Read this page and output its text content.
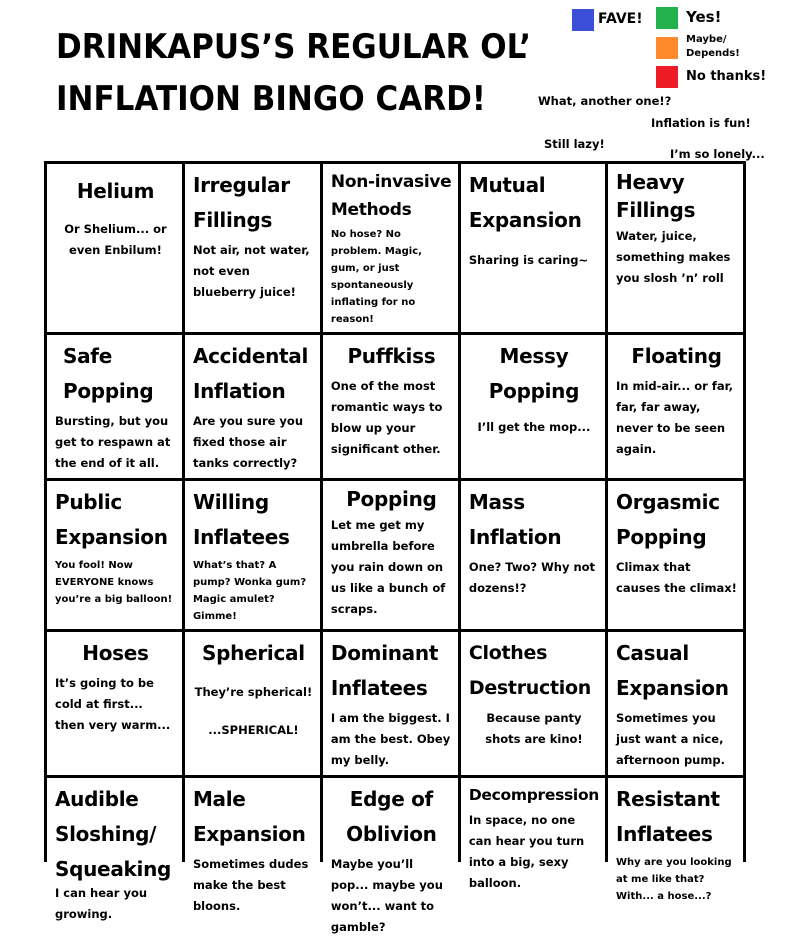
DRINKAPUS’S REGULAR OL’
INFLATION BINGO CARD!
FAVE!	Yes!
Maybe/ Depends!
No thanks!
What, another one!?
Inflation is fun!
Still lazy!
I’m so lonely...
Helium
Or Shelium... or even Enbilum!
Irregular Fillings
Not air, not water, not even blueberry juice!
Non-invasive Methods
No hose? No problem. Magic, gum, or just spontaneously inflating for no reason!
Mutual Expansion
Sharing is caring~
Heavy Fillings
Water, juice, something makes you slosh ’n’ roll
Safe Popping
Bursting, but you get to respawn at the end of it all.
Accidental Inflation
Are you sure you fixed those air tanks correctly?
Puffkiss
One of the most romantic ways to blow up your significant other.
Messy Popping
I’ll get the mop...
Floating
In mid-air... or far, far, far away, never to be seen again.
Public Expansion
You fool! Now EVERYONE knows you’re a big balloon!
Willing Inflatees
What’s that? A pump? Wonka gum? Magic amulet? Gimme!
Popping
Let me get my umbrella before you rain down on us like a bunch of scraps.
Mass Inflation
One? Two? Why not dozens!?
Orgasmic Popping
Climax that causes the climax!
Hoses
It’s going to be cold at first... then very warm...
Spherical
They’re spherical! ...SPHERICAL!
Dominant Inflatees
I am the biggest. I am the best. Obey my belly.
Clothes Destruction
Because panty shots are kino!
Casual Expansion
Sometimes you just want a nice, afternoon pump.
Audible Sloshing/ Squeaking
I can hear you growing.
Male Expansion
Sometimes dudes make the best bloons.
Edge of Oblivion
Maybe you’ll pop... maybe you won’t... want to gamble?
Decompression
In space, no one can hear you turn into a big, sexy balloon.
Resistant Inflatees
Why are you looking at me like that? With... a hose...?
